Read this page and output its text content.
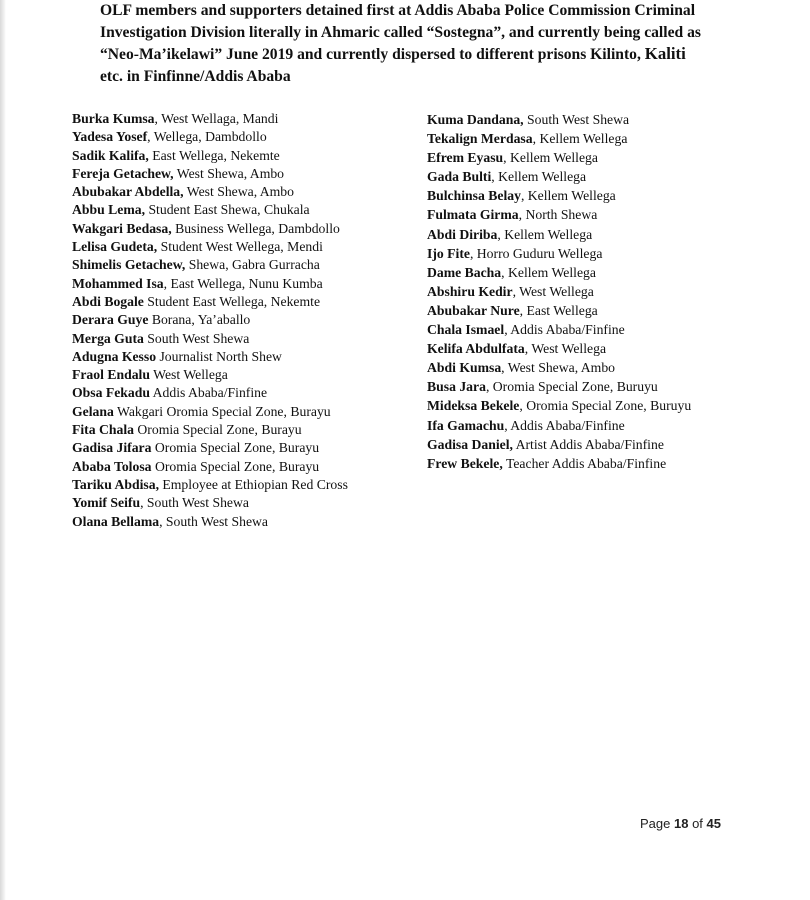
OLF members and supporters detained first at Addis Ababa Police Commission Criminal
Investigation Division literally in Ahmaric called “Sostegna”, and currently being called as
“Neo-Ma’ikelawi” June 2019 and currently dispersed to different prisons Kilinto, Kaliti
etc. in Finfinne/Addis Ababa
Burka Kumsa, West Wellaga, Mandi
Yadesa Yosef, Wellega, Dambdollo
Sadik Kalifa, East Wellega, Nekemte
Fereja Getachew, West Shewa, Ambo
Abubakar Abdella, West Shewa, Ambo
Abbu Lema, Student East Shewa, Chukala
Wakgari Bedasa, Business Wellega, Dambdollo
Lelisa Gudeta, Student West Wellega, Mendi
Shimelis Getachew, Shewa, Gabra Gurracha
Mohammed Isa, East Wellega, Nunu Kumba
Abdi Bogale Student East Wellega, Nekemte
Derara Guye Borana, Ya’aballo
Merga Guta South West Shewa
Adugna Kesso Journalist North Shew
Fraol Endalu West Wellega
Obsa Fekadu Addis Ababa/Finfine
Gelana Wakgari Oromia Special Zone, Burayu
Fita Chala Oromia Special Zone, Burayu
Gadisa Jifara Oromia Special Zone, Burayu
Ababa Tolosa Oromia Special Zone, Burayu
Tariku Abdisa, Employee at Ethiopian Red Cross
Yomif Seifu, South West Shewa
Olana Bellama, South West Shewa
Kuma Dandana, South West Shewa
Tekalign Merdasa, Kellem Wellega
Efrem Eyasu, Kellem Wellega
Gada Bulti, Kellem Wellega
Bulchinsa Belay, Kellem Wellega
Fulmata Girma, North Shewa
Abdi Diriba, Kellem Wellega
Ijo Fite, Horro Guduru Wellega
Dame Bacha, Kellem Wellega
Abshiru Kedir, West Wellega
Abubakar Nure, East Wellega
Chala Ismael, Addis Ababa/Finfine
Kelifa Abdulfata, West Wellega
Abdi Kumsa, West Shewa, Ambo
Busa Jara, Oromia Special Zone, Buruyu
Mideksa Bekele, Oromia Special Zone, Buruyu
Ifa Gamachu, Addis Ababa/Finfine
Gadisa Daniel, Artist Addis Ababa/Finfine
Frew Bekele, Teacher Addis Ababa/Finfine
Page 18 of 45
